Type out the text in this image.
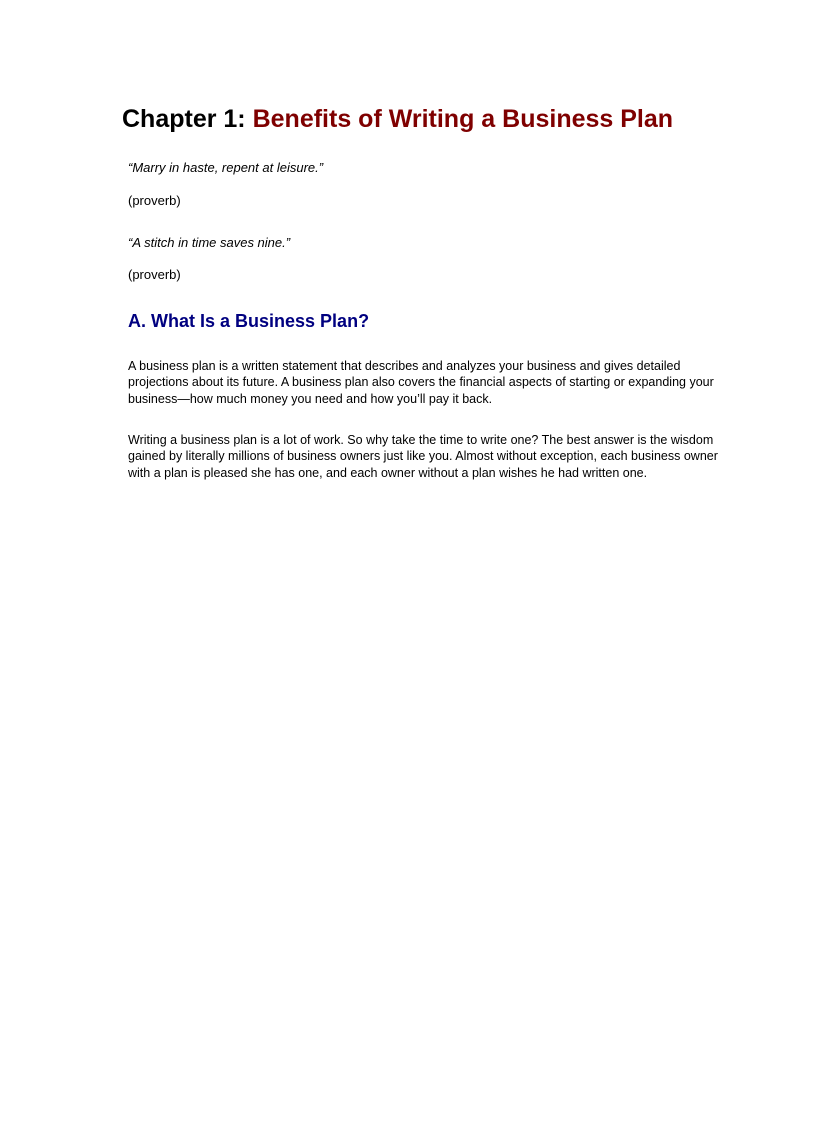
Chapter 1: Benefits of Writing a Business Plan

“Marry in haste, repent at leisure.”

(proverb)

“A stitch in time saves nine.”

(proverb)

A. What Is a Business Plan?

A business plan is a written statement that describes and analyzes your business and gives detailed projections about its future. A business plan also covers the financial aspects of starting or expanding your business—how much money you need and how you’ll pay it back.

Writing a business plan is a lot of work. So why take the time to write one? The best answer is the wisdom gained by literally millions of business owners just like you. Almost without exception, each business owner with a plan is pleased she has one, and each owner without a plan wishes he had written one.
